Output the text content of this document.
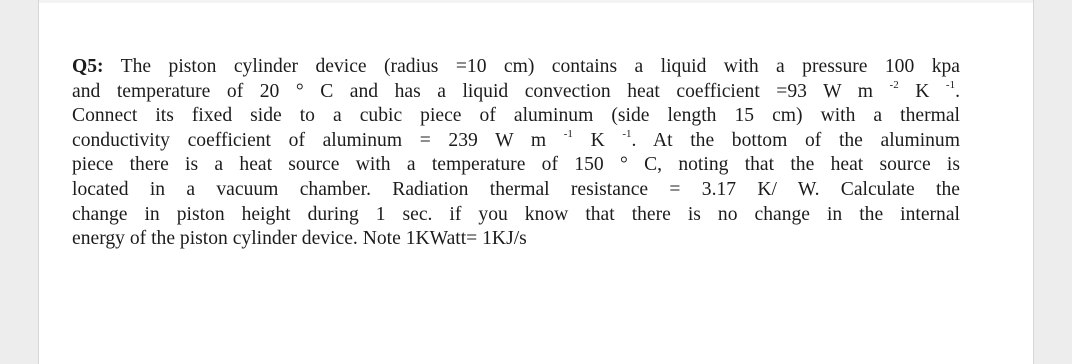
Q5: The piston cylinder device (radius =10 cm) contains a liquid with a pressure 100 kpa
and temperature of 20 ° C and has a liquid convection heat coefficient =93 W m $^{-2}$ K $^{-1}$.
Connect its fixed side to a cubic piece of aluminum (side length 15 cm) with a thermal
conductivity coefficient of aluminum = 239 W m $^{-1}$ K $^{-1}$. At the bottom of the aluminum
piece there is a heat source with a temperature of 150 ° C, noting that the heat source is
located in a vacuum chamber. Radiation thermal resistance = 3.17 K/ W. Calculate the
change in piston height during 1 sec. if you know that there is no change in the internal
energy of the piston cylinder device. Note 1KWatt= 1KJ/s
